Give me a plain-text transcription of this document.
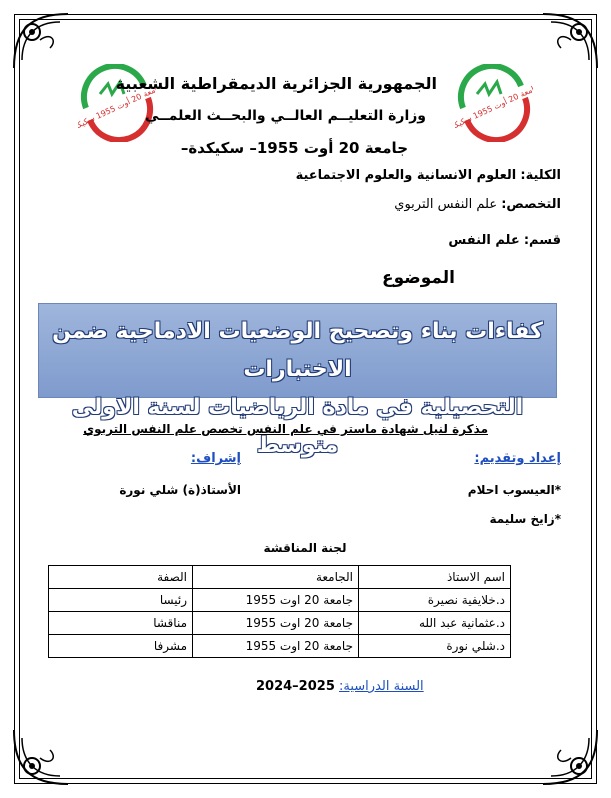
جامعة 20 أوت 1955 سكيكدة
جامعة 20 أوت 1955 سكيكدة
الجمهورية الجزائرية الديمقراطية الشعبية
وزارة التعليــم العالــي والبحــث العلمــي
جامعة 20 أوت 1955– سكيكدة–
الكلية: العلوم الانسانية والعلوم الاجتماعية
التخصص: علم النفس التربوي
قسم: علم النفس
الموضوع
كفاءات بناء وتصحيح الوضعيات الادماجية ضمن الاختبارات
التحصيلية في مادة الرياضيات لسنة الاولى متوسط
مذكرة لنيل شهادة ماستر في علم النفس تخصص علم النفس التربوي
إعداد وتقديم:
إشراف:
*العيسوب احلام
*زايخ سليمة
الأستاذ(ة) شلي نورة
لجنة المناقشة
اسم الاستاذ	الجامعة	الصفة
د.خلايفية نصيرة	جامعة 20 اوت 1955	رئيسا
د.عثمانية عبد الله	جامعة 20 اوت 1955	مناقشا
د.شلي نورة	جامعة 20 اوت 1955	مشرفا
السنة الدراسية: 2024–2025
